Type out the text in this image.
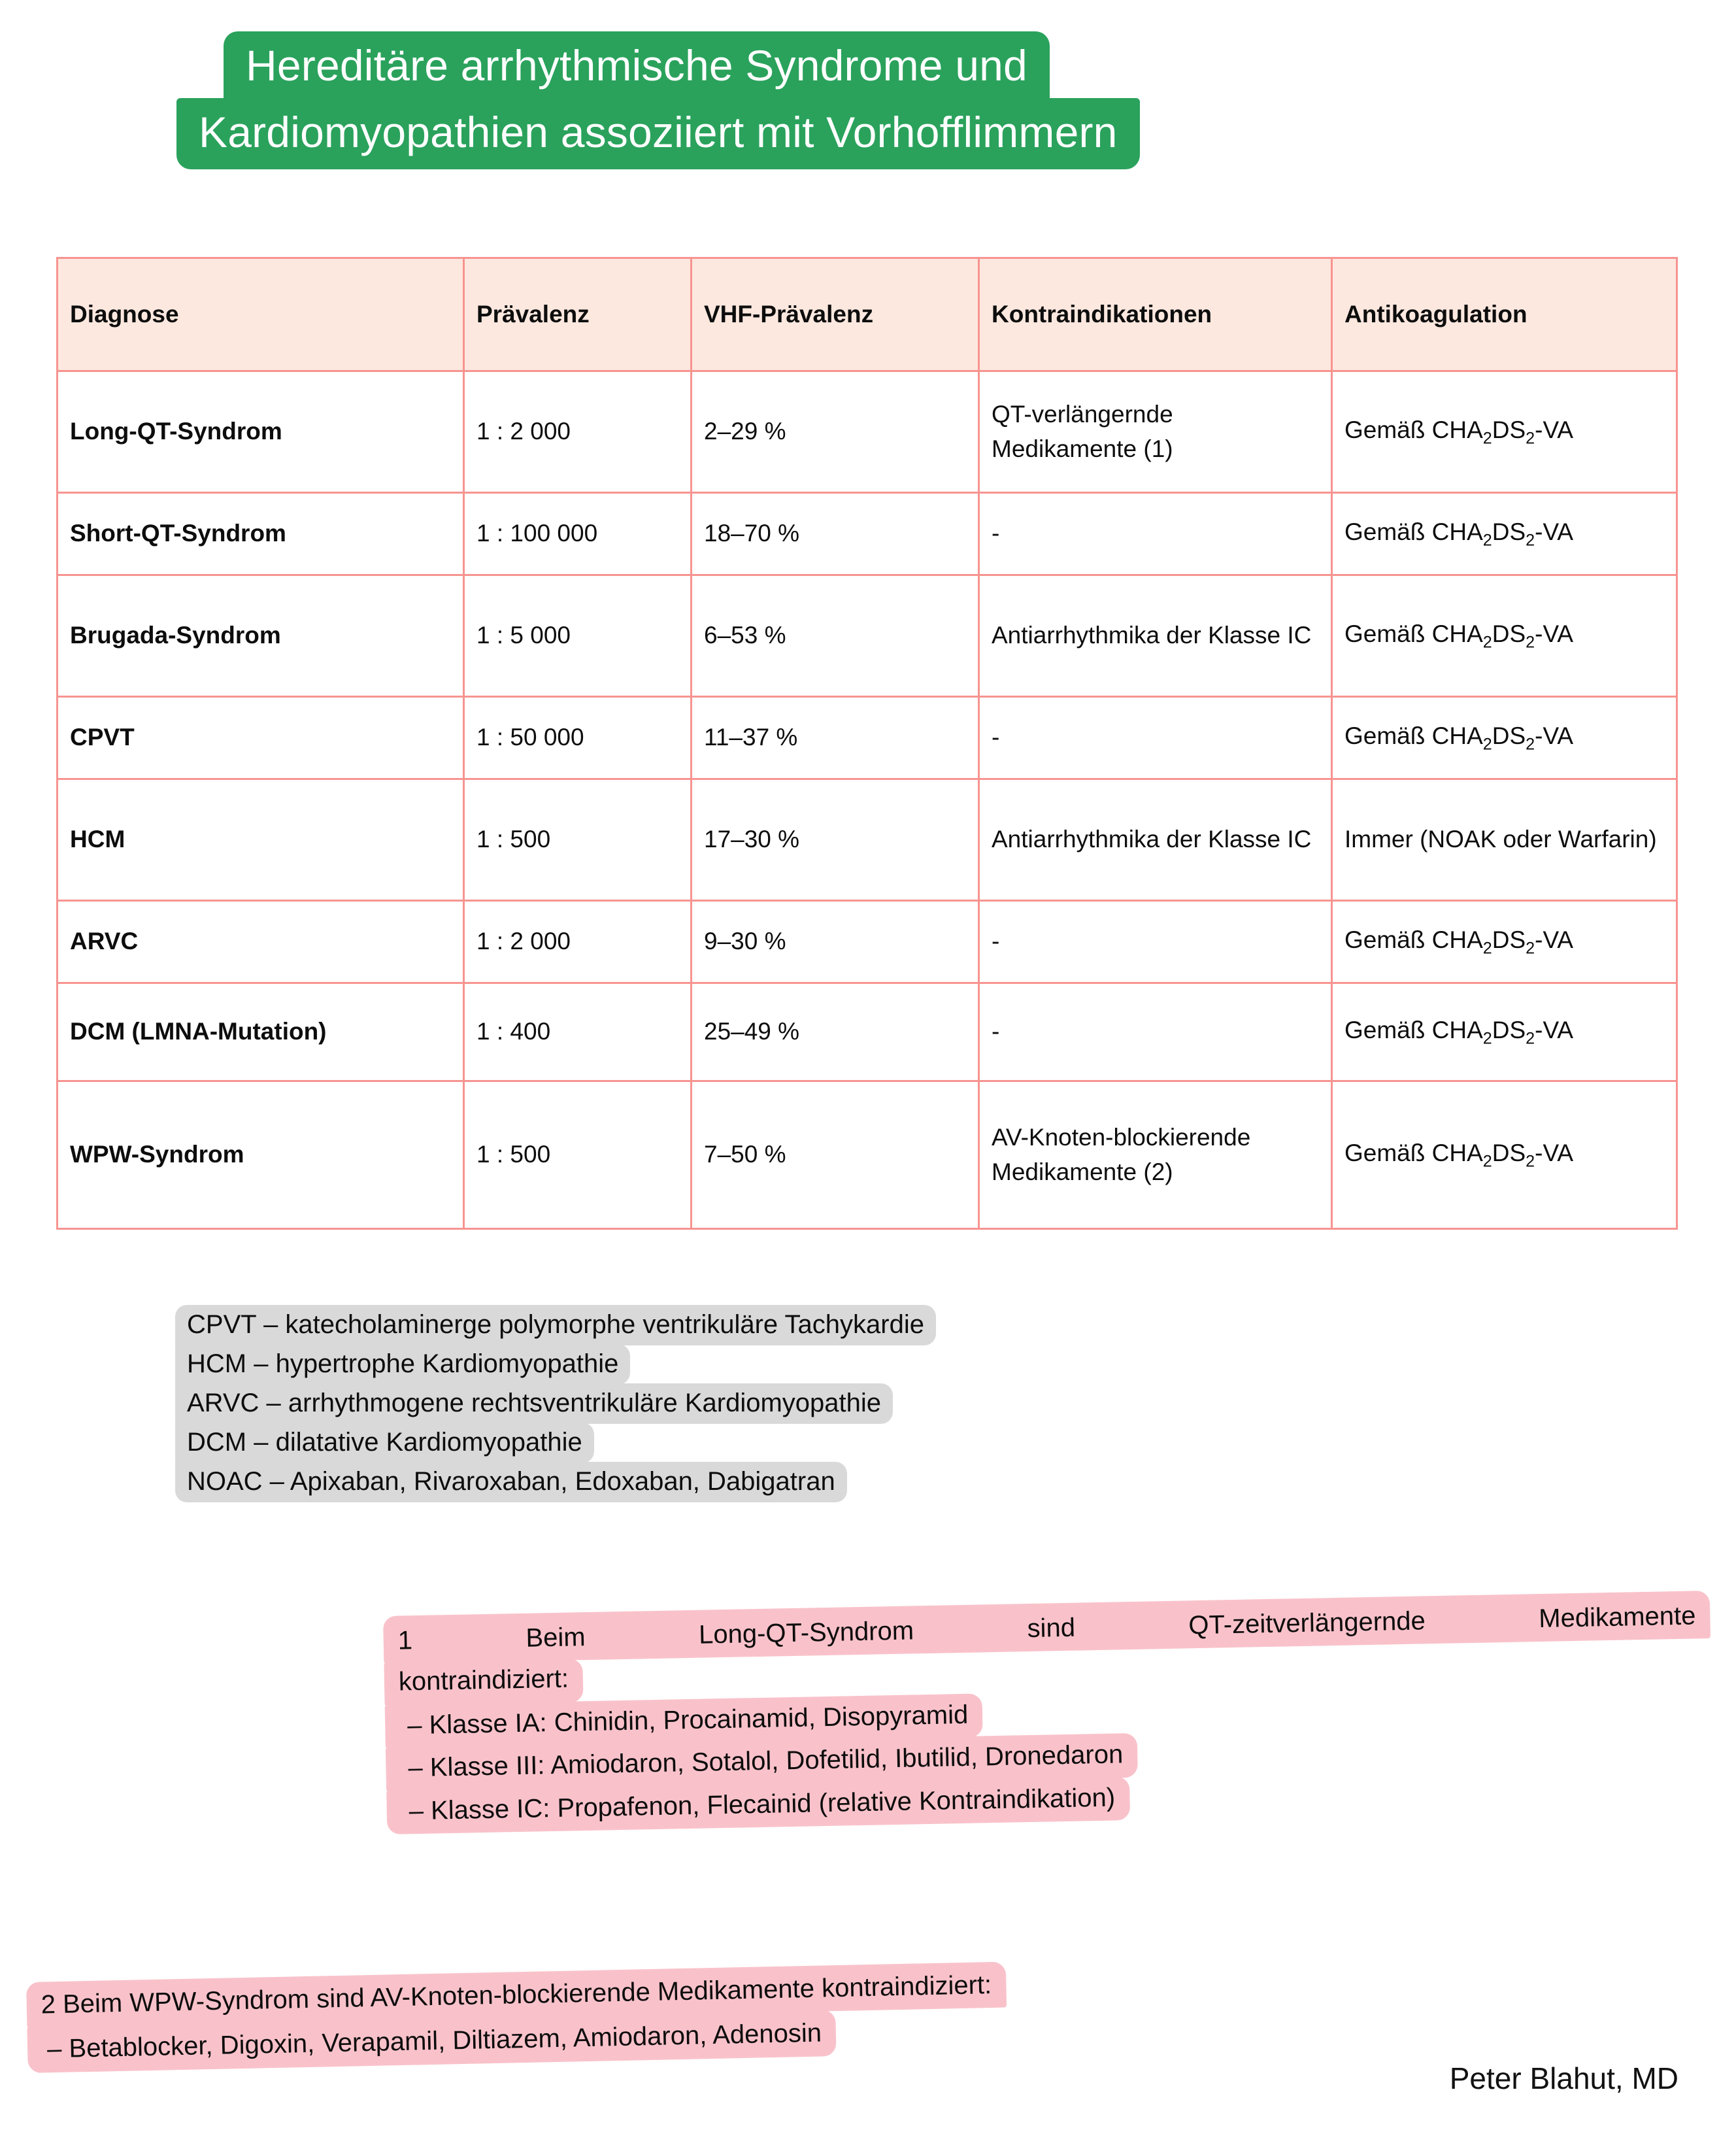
Hereditäre arrhythmische Syndrome und
Kardiomyopathien assoziiert mit Vorhofflimmern
Diagnose	Prävalenz	VHF-Prävalenz	Kontraindikationen	Antikoagulation
Long-QT-Syndrom	1 : 2 000	2–29 %	QT-verlängernde Medikamente (1)	Gemäß $CHA_2DS_2-VA$
Short-QT-Syndrom	1 : 100 000	18–70 %	-	Gemäß $CHA_2DS_2-VA$
Brugada-Syndrom	1 : 5 000	6–53 %	Antiarrhythmika der Klasse IC	Gemäß $CHA_2DS_2-VA$
CPVT	1 : 50 000	11–37 %	-	Gemäß $CHA_2DS_2-VA$
HCM	1 : 500	17–30 %	Antiarrhythmika der Klasse IC	Immer (NOAK oder Warfarin)
ARVC	1 : 2 000	9–30 %	-	Gemäß $CHA_2DS_2-VA$
DCM (LMNA-Mutation)	1 : 400	25–49 %	-	Gemäß $CHA_2DS_2-VA$
WPW-Syndrom	1 : 500	7–50 %	AV-Knoten-blockierende Medikamente (2)	Gemäß $CHA_2DS_2-VA$
CPVT – katecholaminerge polymorphe ventrikuläre Tachykardie
HCM – hypertrophe Kardiomyopathie
ARVC – arrhythmogene rechtsventrikuläre Kardiomyopathie
DCM – dilatative Kardiomyopathie
NOAC – Apixaban, Rivaroxaban, Edoxaban, Dabigatran
1 Beim Long-QT-Syndrom sind QT-zeitverlängernde Medikamente
kontraindiziert:
– Klasse IA: Chinidin, Procainamid, Disopyramid
– Klasse III: Amiodaron, Sotalol, Dofetilid, Ibutilid, Dronedaron
– Klasse IC: Propafenon, Flecainid (relative Kontraindikation)
2 Beim WPW-Syndrom sind AV-Knoten-blockierende Medikamente kontraindiziert:
– Betablocker, Digoxin, Verapamil, Diltiazem, Amiodaron, Adenosin
Peter Blahut, MD
